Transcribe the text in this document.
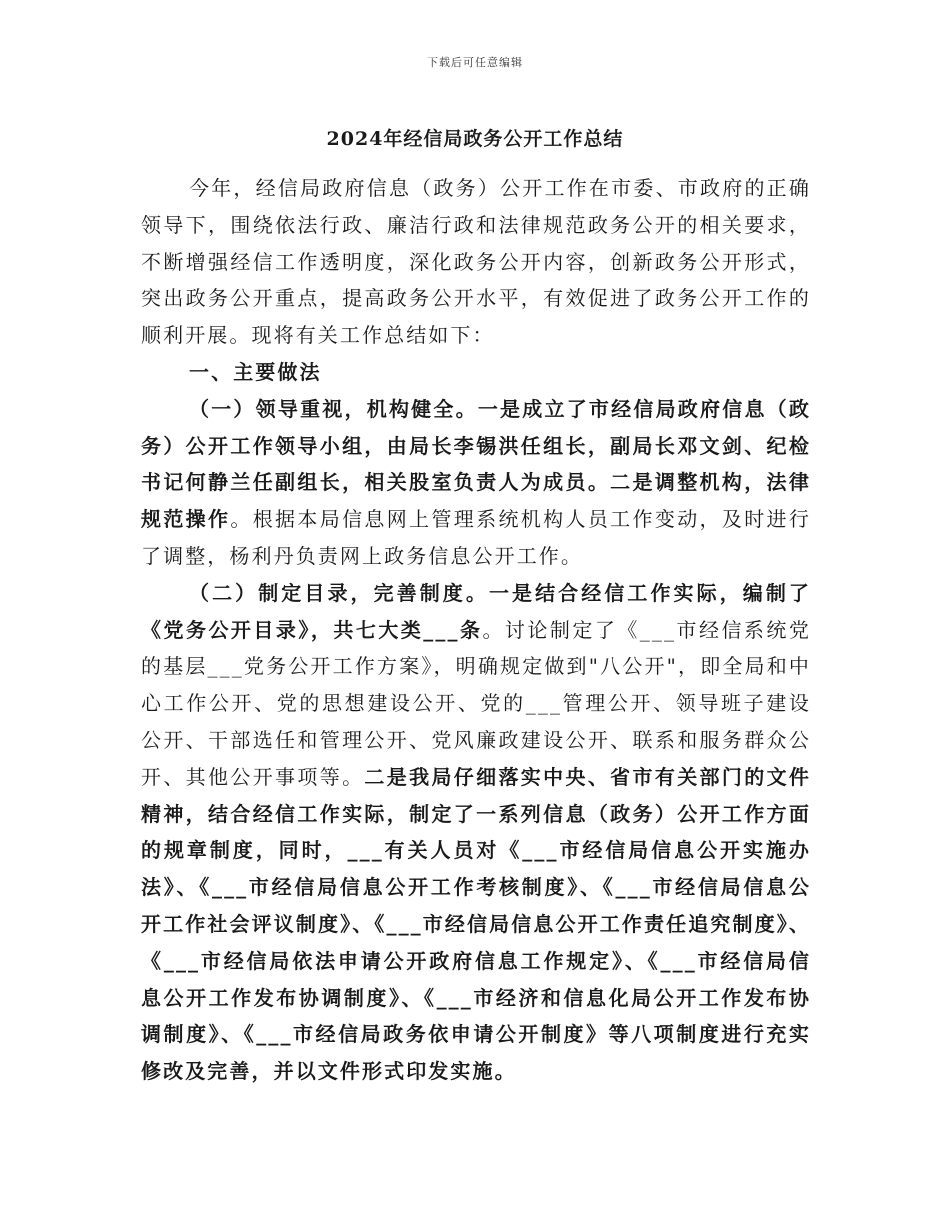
下载后可任意编辑
2024年经信局政务公开工作总结

今年，经信局政府信息（政务）公开工作在市委、市政府的正确领导下，围绕依法行政、廉洁行政和法律规范政务公开的相关要求，不断增强经信工作透明度，深化政务公开内容，创新政务公开形式，突出政务公开重点，提高政务公开水平，有效促进了政务公开工作的顺利开展。现将有关工作总结如下：

一、主要做法

（一）领导重视，机构健全。一是成立了市经信局政府信息（政务）公开工作领导小组，由局长李锡洪任组长，副局长邓文剑、纪检书记何静兰任副组长，相关股室负责人为成员。二是调整机构，法律规范操作。根据本局信息网上管理系统机构人员工作变动，及时进行了调整，杨利丹负责网上政务信息公开工作。

（二）制定目录，完善制度。一是结合经信工作实际，编制了《党务公开目录》，共七大类___条。讨论制定了《___市经信系统党的基层___党务公开工作方案》，明确规定做到"八公开"，即全局和中心工作公开、党的思想建设公开、党的___管理公开、领导班子建设公开、干部选任和管理公开、党风廉政建设公开、联系和服务群众公开、其他公开事项等。二是我局仔细落实中央、省市有关部门的文件精神，结合经信工作实际，制定了一系列信息（政务）公开工作方面的规章制度，同时，___有关人员对《___市经信局信息公开实施办法》、《___市经信局信息公开工作考核制度》、《___市经信局信息公开工作社会评议制度》、《___市经信局信息公开工作责任追究制度》、《___市经信局依法申请公开政府信息工作规定》、《___市经信局信息公开工作发布协调制度》、《___市经济和信息化局公开工作发布协调制度》、《___市经信局政务依申请公开制度》等八项制度进行充实修改及完善，并以文件形式印发实施。
